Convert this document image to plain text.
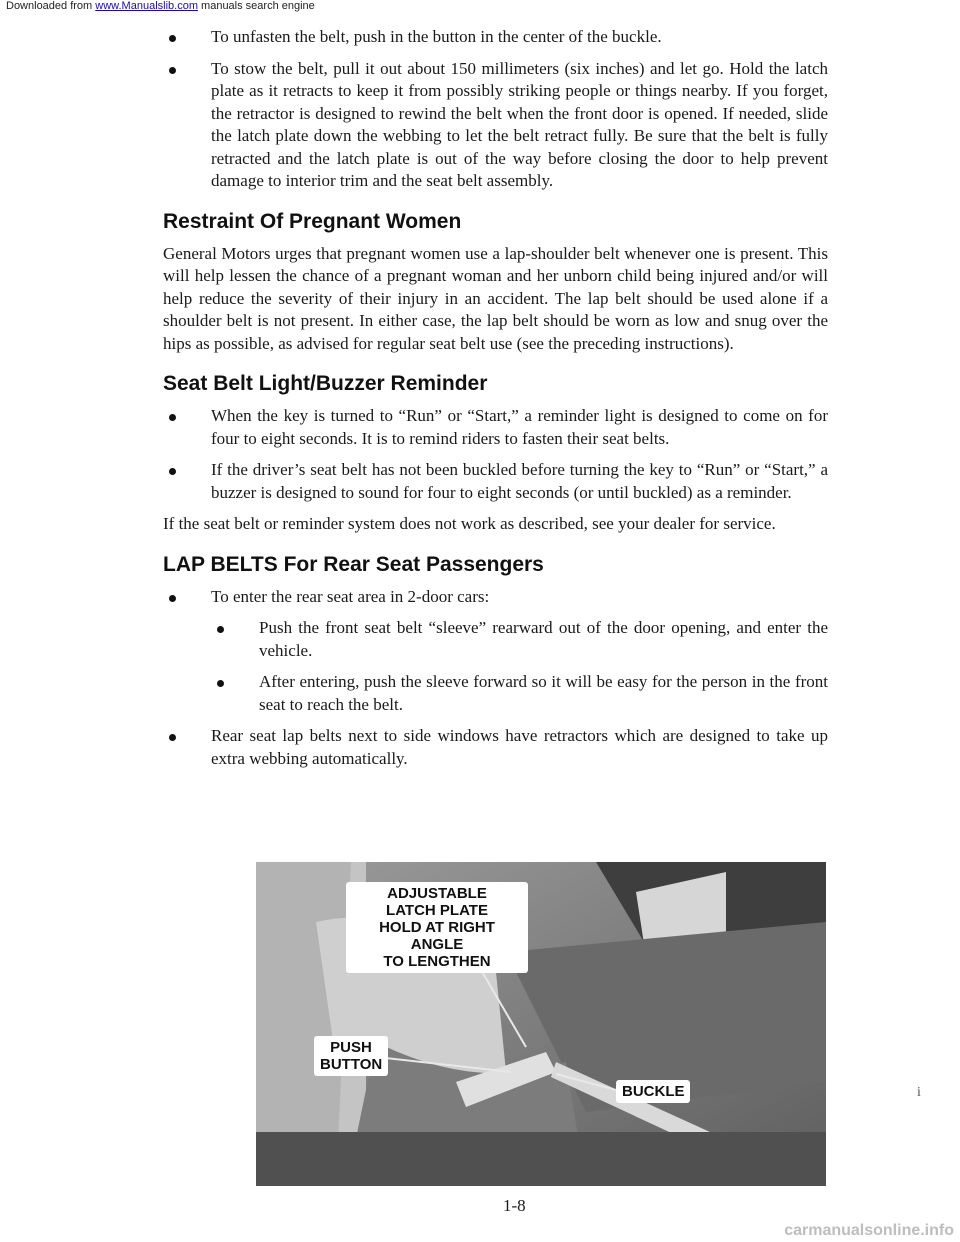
Downloaded from www.Manualslib.com manuals search engine
To unfasten the belt, push in the button in the center of the buckle.
To stow the belt, pull it out about 150 millimeters (six inches) and let go. Hold the latch plate as it retracts to keep it from possibly striking people or things nearby. If you forget, the retractor is designed to rewind the belt when the front door is opened. If needed, slide the latch plate down the webbing to let the belt retract fully. Be sure that the belt is fully retracted and the latch plate is out of the way before closing the door to help prevent damage to interior trim and the seat belt assembly.
Restraint Of Pregnant Women

General Motors urges that pregnant women use a lap-shoulder belt whenever one is present. This will help lessen the chance of a pregnant woman and her unborn child being injured and/or will help reduce the severity of their injury in an accident. The lap belt should be used alone if a shoulder belt is not present. In either case, the lap belt should be worn as low and snug over the hips as possible, as advised for regular seat belt use (see the preceding instructions).

Seat Belt Light/Buzzer Reminder
When the key is turned to “Run” or “Start,” a reminder light is designed to come on for four to eight seconds. It is to remind riders to fasten their seat belts.
If the driver’s seat belt has not been buckled before turning the key to “Run” or “Start,” a buzzer is designed to sound for four to eight seconds (or until buckled) as a reminder.

If the seat belt or reminder system does not work as described, see your dealer for service.

LAP BELTS For Rear Seat Passengers
To enter the rear seat area in 2-door cars:
Push the front seat belt “sleeve” rearward out of the door opening, and enter the vehicle.
After entering, push the sleeve forward so it will be easy for the person in the front seat to reach the belt.
Rear seat lap belts next to side windows have retractors which are designed to take up extra webbing automatically.
ADJUSTABLE
LATCH PLATE
HOLD AT RIGHT ANGLE
TO LENGTHEN
PUSH
BUTTON
BUCKLE	i
1-8
carmanualsonline.info
